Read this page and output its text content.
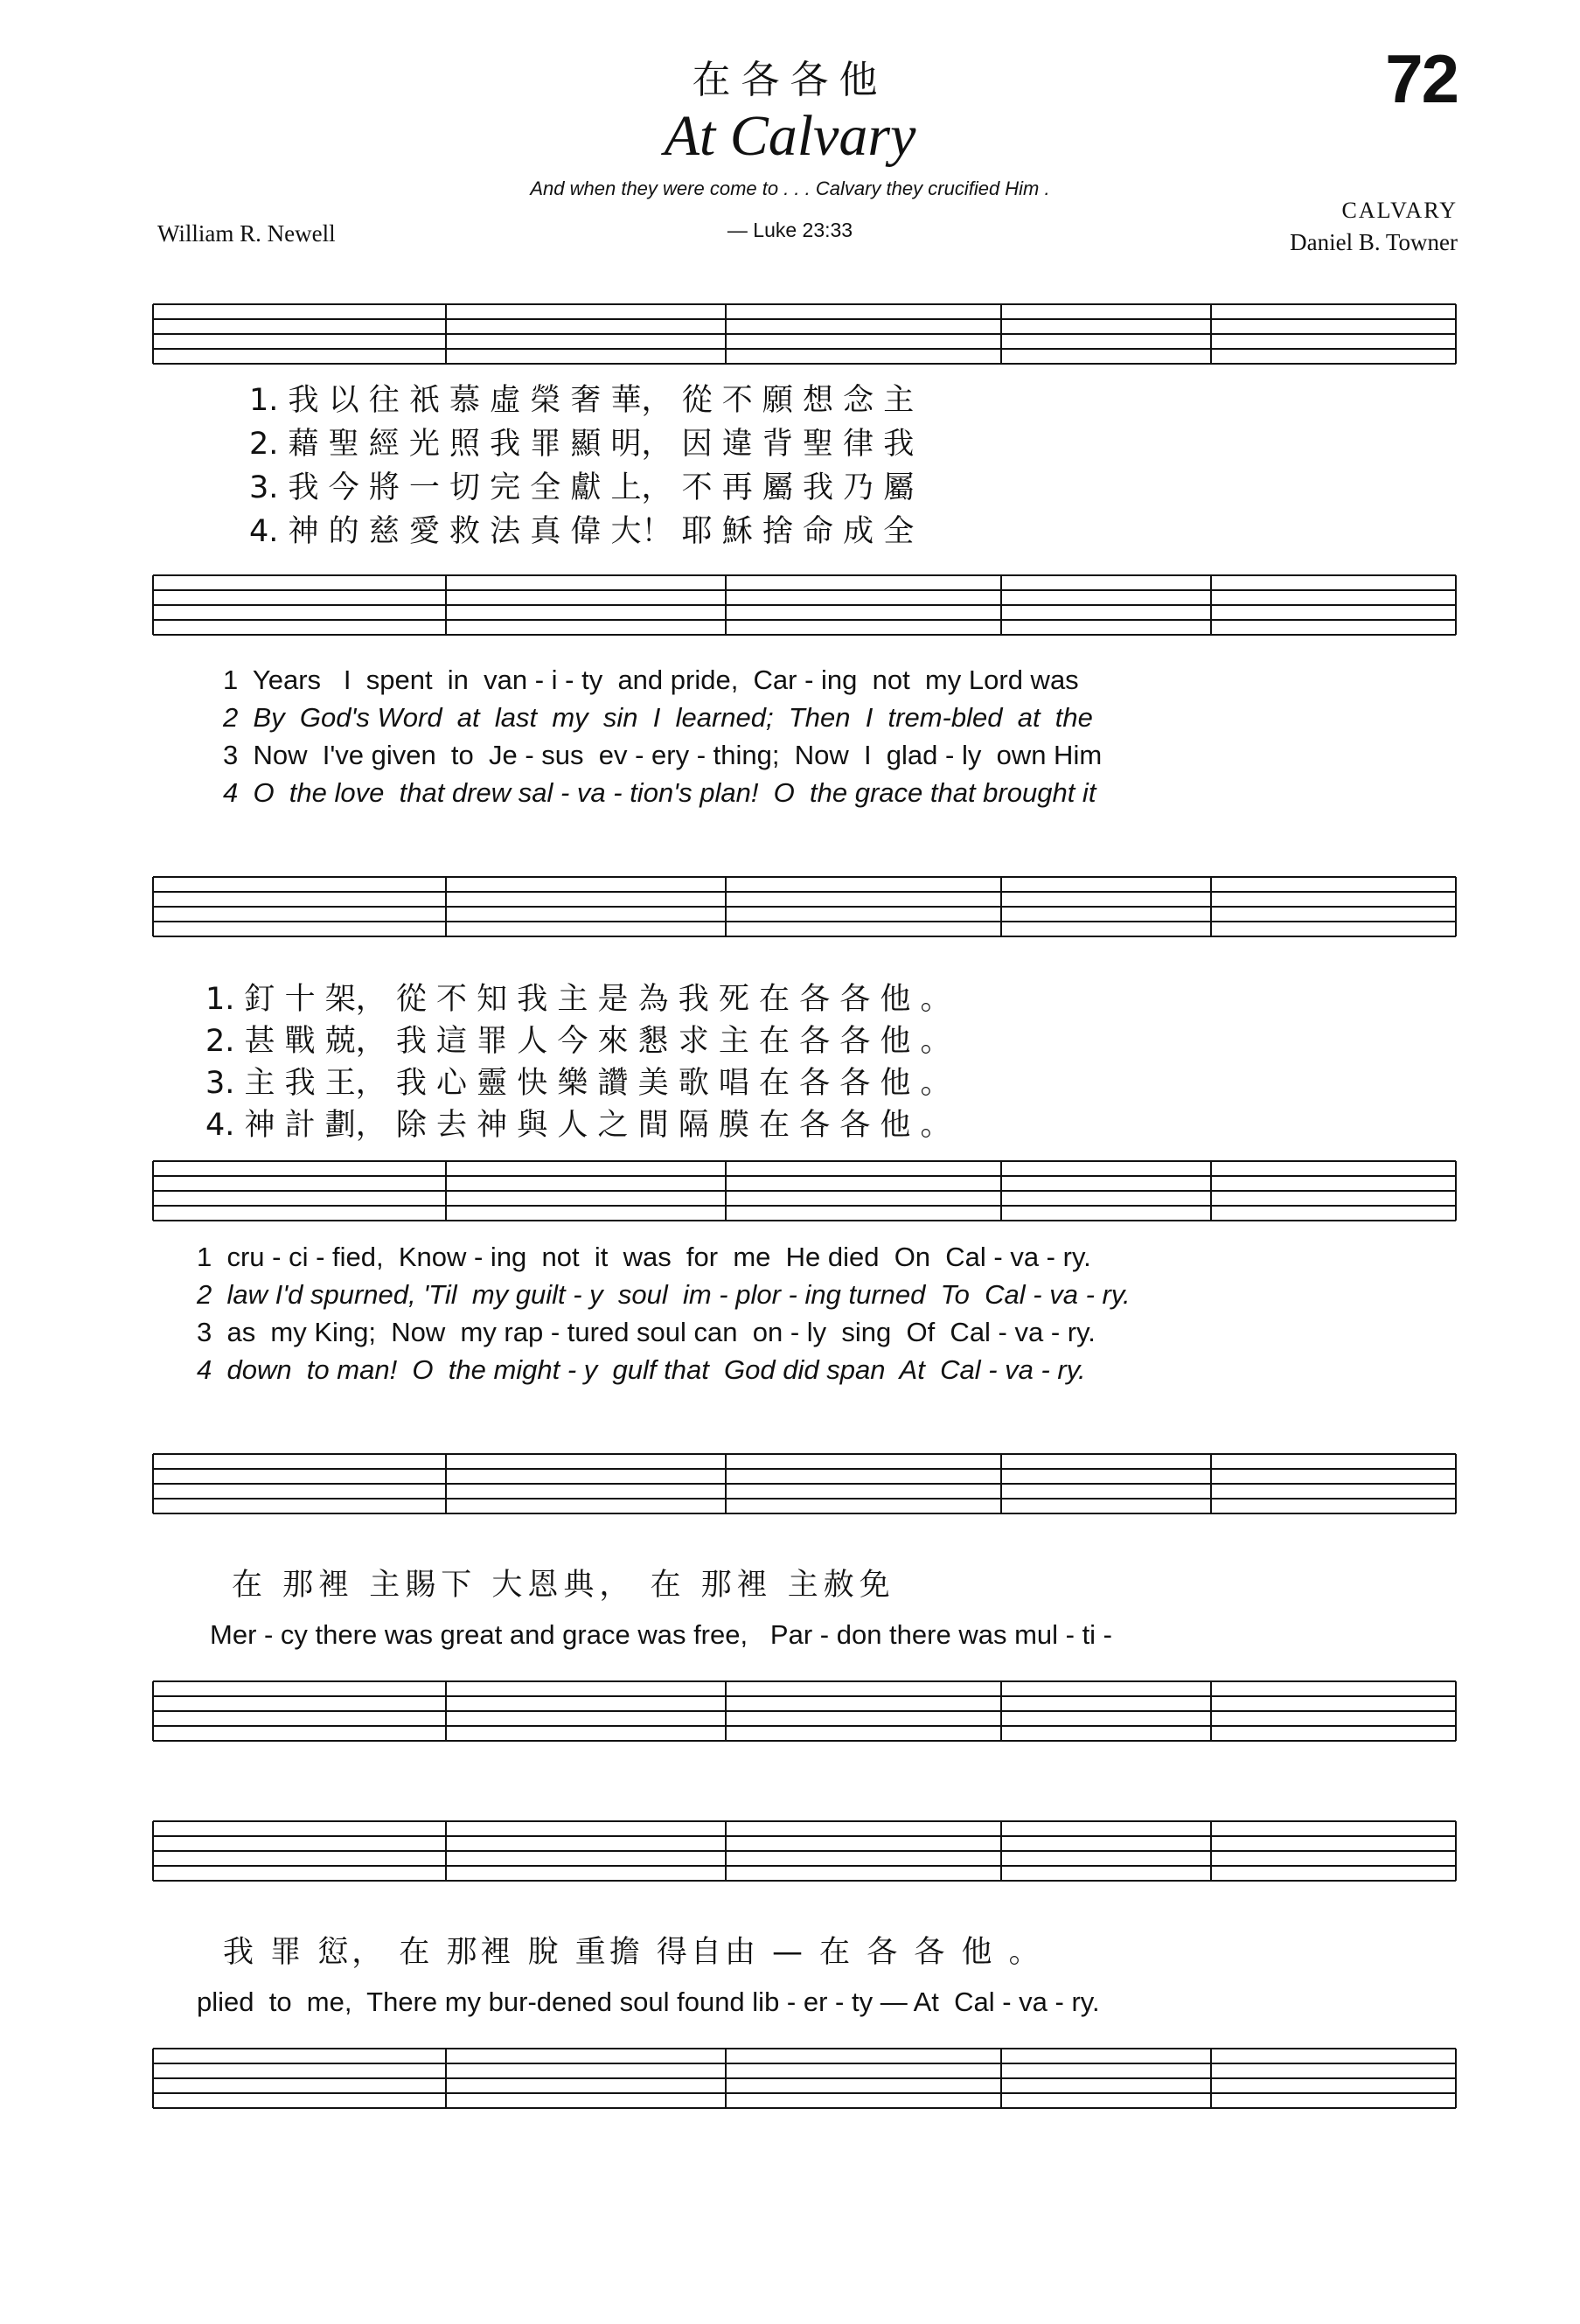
在各各他	72
At Calvary
And when they were come to . . . Calvary they crucified Him .
— Luke 23:33
William R. Newell
CALVARY
Daniel B. Towner
1. 我 以 往 祇 慕 虛 榮 奢 華， 從 不 願 想 念 主
2. 藉 聖 經 光 照 我 罪 顯 明， 因 違 背 聖 律 我
3. 我 今 將 一 切 完 全 獻 上， 不 再 屬 我 乃 屬
4. 神 的 慈 愛 救 法 真 偉 大！ 耶 穌 捨 命 成 全
1  Years   I  spent  in  van - i - ty  and pride,  Car - ing  not  my Lord was
2  By  God's Word  at  last  my  sin  I  learned;  Then  I  trem-bled  at  the
3  Now  I've given  to  Je - sus  ev - ery - thing;  Now  I  glad - ly  own Him
4  O  the love  that drew sal - va - tion's plan!  O  the grace that brought it
1. 釘 十 架， 從 不 知 我 主 是 為 我 死 在 各 各 他 。
2. 甚 戰 兢， 我 這 罪 人 今 來 懇 求 主 在 各 各 他 。
3. 主 我 王， 我 心 靈 快 樂 讚 美 歌 唱 在 各 各 他 。
4. 神 計 劃， 除 去 神 與 人 之 間 隔 膜 在 各 各 他 。
1  cru - ci - fied,  Know - ing  not  it  was  for  me  He died  On  Cal - va - ry.
2  law I'd spurned, 'Til  my guilt - y  soul  im - plor - ing turned  To  Cal - va - ry.
3  as  my King;  Now  my rap - tured soul can  on - ly  sing  Of  Cal - va - ry.
4  down  to man!  O  the might - y  gulf that  God did span  At  Cal - va - ry.
在 那裡 主賜下 大恩典， 在 那裡 主赦免
Mer - cy there was great and grace was free,   Par - don there was mul - ti -
我 罪 愆， 在 那裡 脫 重擔 得自由 — 在 各 各 他 。
plied  to  me,  There my bur-dened soul found lib - er - ty — At  Cal - va - ry.
